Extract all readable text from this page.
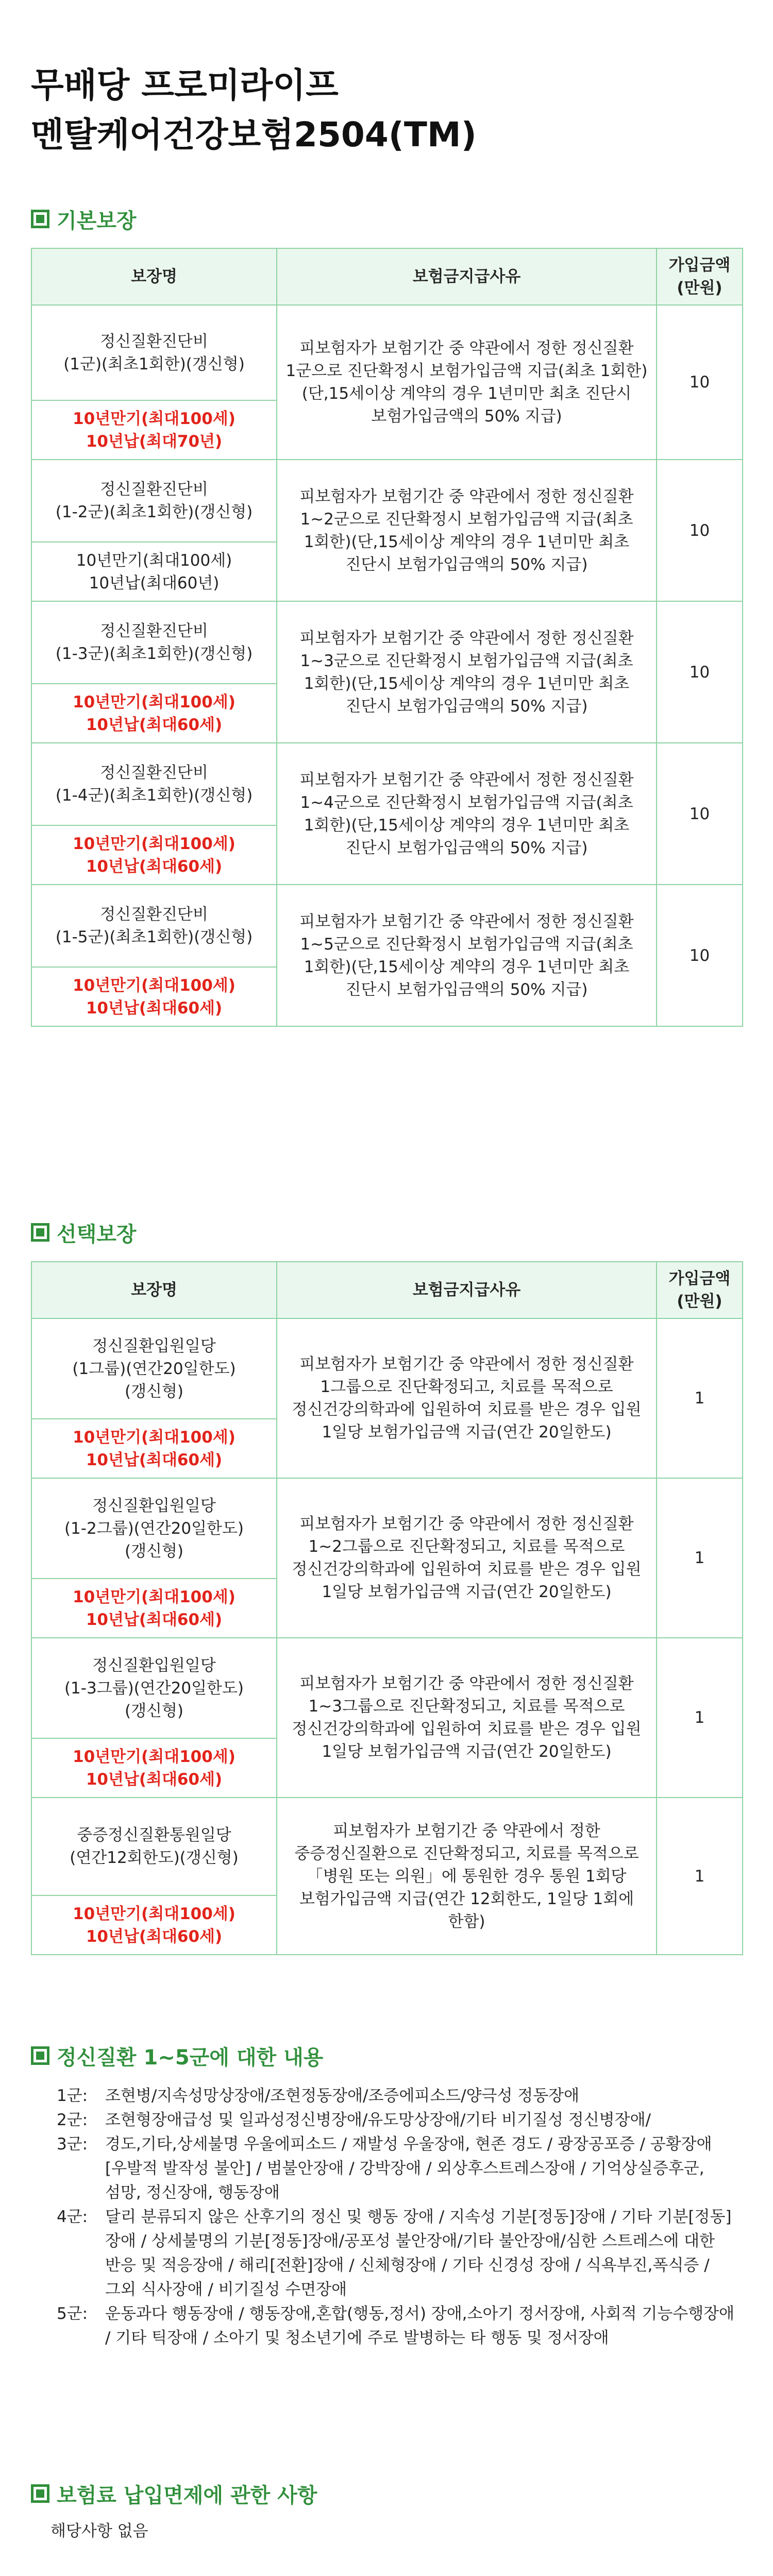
무배당 프로미라이프
멘탈케어건강보험2504(TM)
기본보장
보장명	보험금지급사유	가입금액
(만원)
정신질환진단비
(1군)(최초1회한)(갱신형)	피보험자가 보험기간 중 약관에서 정한 정신질환 1군으로 진단확정시 보험가입금액 지급(최초 1회한)(단,15세이상 계약의 경우 1년미만 최초 진단시 보험가입금액의 50% 지급)	10
10년만기(최대100세)
10년납(최대70년)		
정신질환진단비
(1-2군)(최초1회한)(갱신형)	피보험자가 보험기간 중 약관에서 정한 정신질환 1~2군으로 진단확정시 보험가입금액 지급(최초 1회한)(단,15세이상 계약의 경우 1년미만 최초 진단시 보험가입금액의 50% 지급)	10
10년만기(최대100세)
10년납(최대60년)		
정신질환진단비
(1-3군)(최초1회한)(갱신형)	피보험자가 보험기간 중 약관에서 정한 정신질환 1~3군으로 진단확정시 보험가입금액 지급(최초 1회한)(단,15세이상 계약의 경우 1년미만 최초 진단시 보험가입금액의 50% 지급)	10
10년만기(최대100세)
10년납(최대60세)		
정신질환진단비
(1-4군)(최초1회한)(갱신형)	피보험자가 보험기간 중 약관에서 정한 정신질환 1~4군으로 진단확정시 보험가입금액 지급(최초 1회한)(단,15세이상 계약의 경우 1년미만 최초 진단시 보험가입금액의 50% 지급)	10
10년만기(최대100세)
10년납(최대60세)		
정신질환진단비
(1-5군)(최초1회한)(갱신형)	피보험자가 보험기간 중 약관에서 정한 정신질환 1~5군으로 진단확정시 보험가입금액 지급(최초 1회한)(단,15세이상 계약의 경우 1년미만 최초 진단시 보험가입금액의 50% 지급)	10
10년만기(최대100세)
10년납(최대60세)		
선택보장
보장명	보험금지급사유	가입금액
(만원)
정신질환입원일당
(1그룹)(연간20일한도)
(갱신형)	피보험자가 보험기간 중 약관에서 정한 정신질환 1그룹으로 진단확정되고, 치료를 목적으로 정신건강의학과에 입원하여 치료를 받은 경우 입원 1일당 보험가입금액 지급(연간 20일한도)	1
10년만기(최대100세)
10년납(최대60세)		
정신질환입원일당
(1-2그룹)(연간20일한도)
(갱신형)	피보험자가 보험기간 중 약관에서 정한 정신질환 1~2그룹으로 진단확정되고, 치료를 목적으로 정신건강의학과에 입원하여 치료를 받은 경우 입원 1일당 보험가입금액 지급(연간 20일한도)	1
10년만기(최대100세)
10년납(최대60세)		
정신질환입원일당
(1-3그룹)(연간20일한도)
(갱신형)	피보험자가 보험기간 중 약관에서 정한 정신질환 1~3그룹으로 진단확정되고, 치료를 목적으로 정신건강의학과에 입원하여 치료를 받은 경우 입원 1일당 보험가입금액 지급(연간 20일한도)	1
10년만기(최대100세)
10년납(최대60세)		
중증정신질환통원일당
(연간12회한도)(갱신형)	피보험자가 보험기간 중 약관에서 정한 중증정신질환으로 진단확정되고, 치료를 목적으로「병원 또는 의원」에 통원한 경우 통원 1회당 보험가입금액 지급(연간 12회한도, 1일당 1회에 한함)	1
10년만기(최대100세)
10년납(최대60세)		
정신질환 1~5군에 대한 내용
1군:	조현병/지속성망상장애/조현정동장애/조증에피소드/양극성 정동장애
2군:	조현형장애급성 및 일과성정신병장애/유도망상장애/기타 비기질성 정신병장애/
3군:	경도,기타,상세불명 우울에피소드 / 재발성 우울장애, 현존 경도 / 광장공포증 / 공황장애[우발적 발작성 불안] / 범불안장애 / 강박장애 / 외상후스트레스장애 / 기억상실증후군, 섬망, 정신장애, 행동장애
4군:	달리 분류되지 않은 산후기의 정신 및 행동 장애 / 지속성 기분[정동]장애 / 기타 기분[정동]장애 / 상세불명의 기분[정동]장애/공포성 불안장애/기타 불안장애/심한 스트레스에 대한 반응 및 적응장애 / 해리[전환]장애 / 신체형장애 / 기타 신경성 장애 / 식욕부진,폭식증 / 그외 식사장애 / 비기질성 수면장애
5군:	운동과다 행동장애 / 행동장애,혼합(행동,정서) 장애,소아기 정서장애, 사회적 기능수행장애 / 기타 틱장애 / 소아기 및 청소년기에 주로 발병하는 타 행동 및 정서장애
보험료 납입면제에 관한 사항
해당사항 없음
